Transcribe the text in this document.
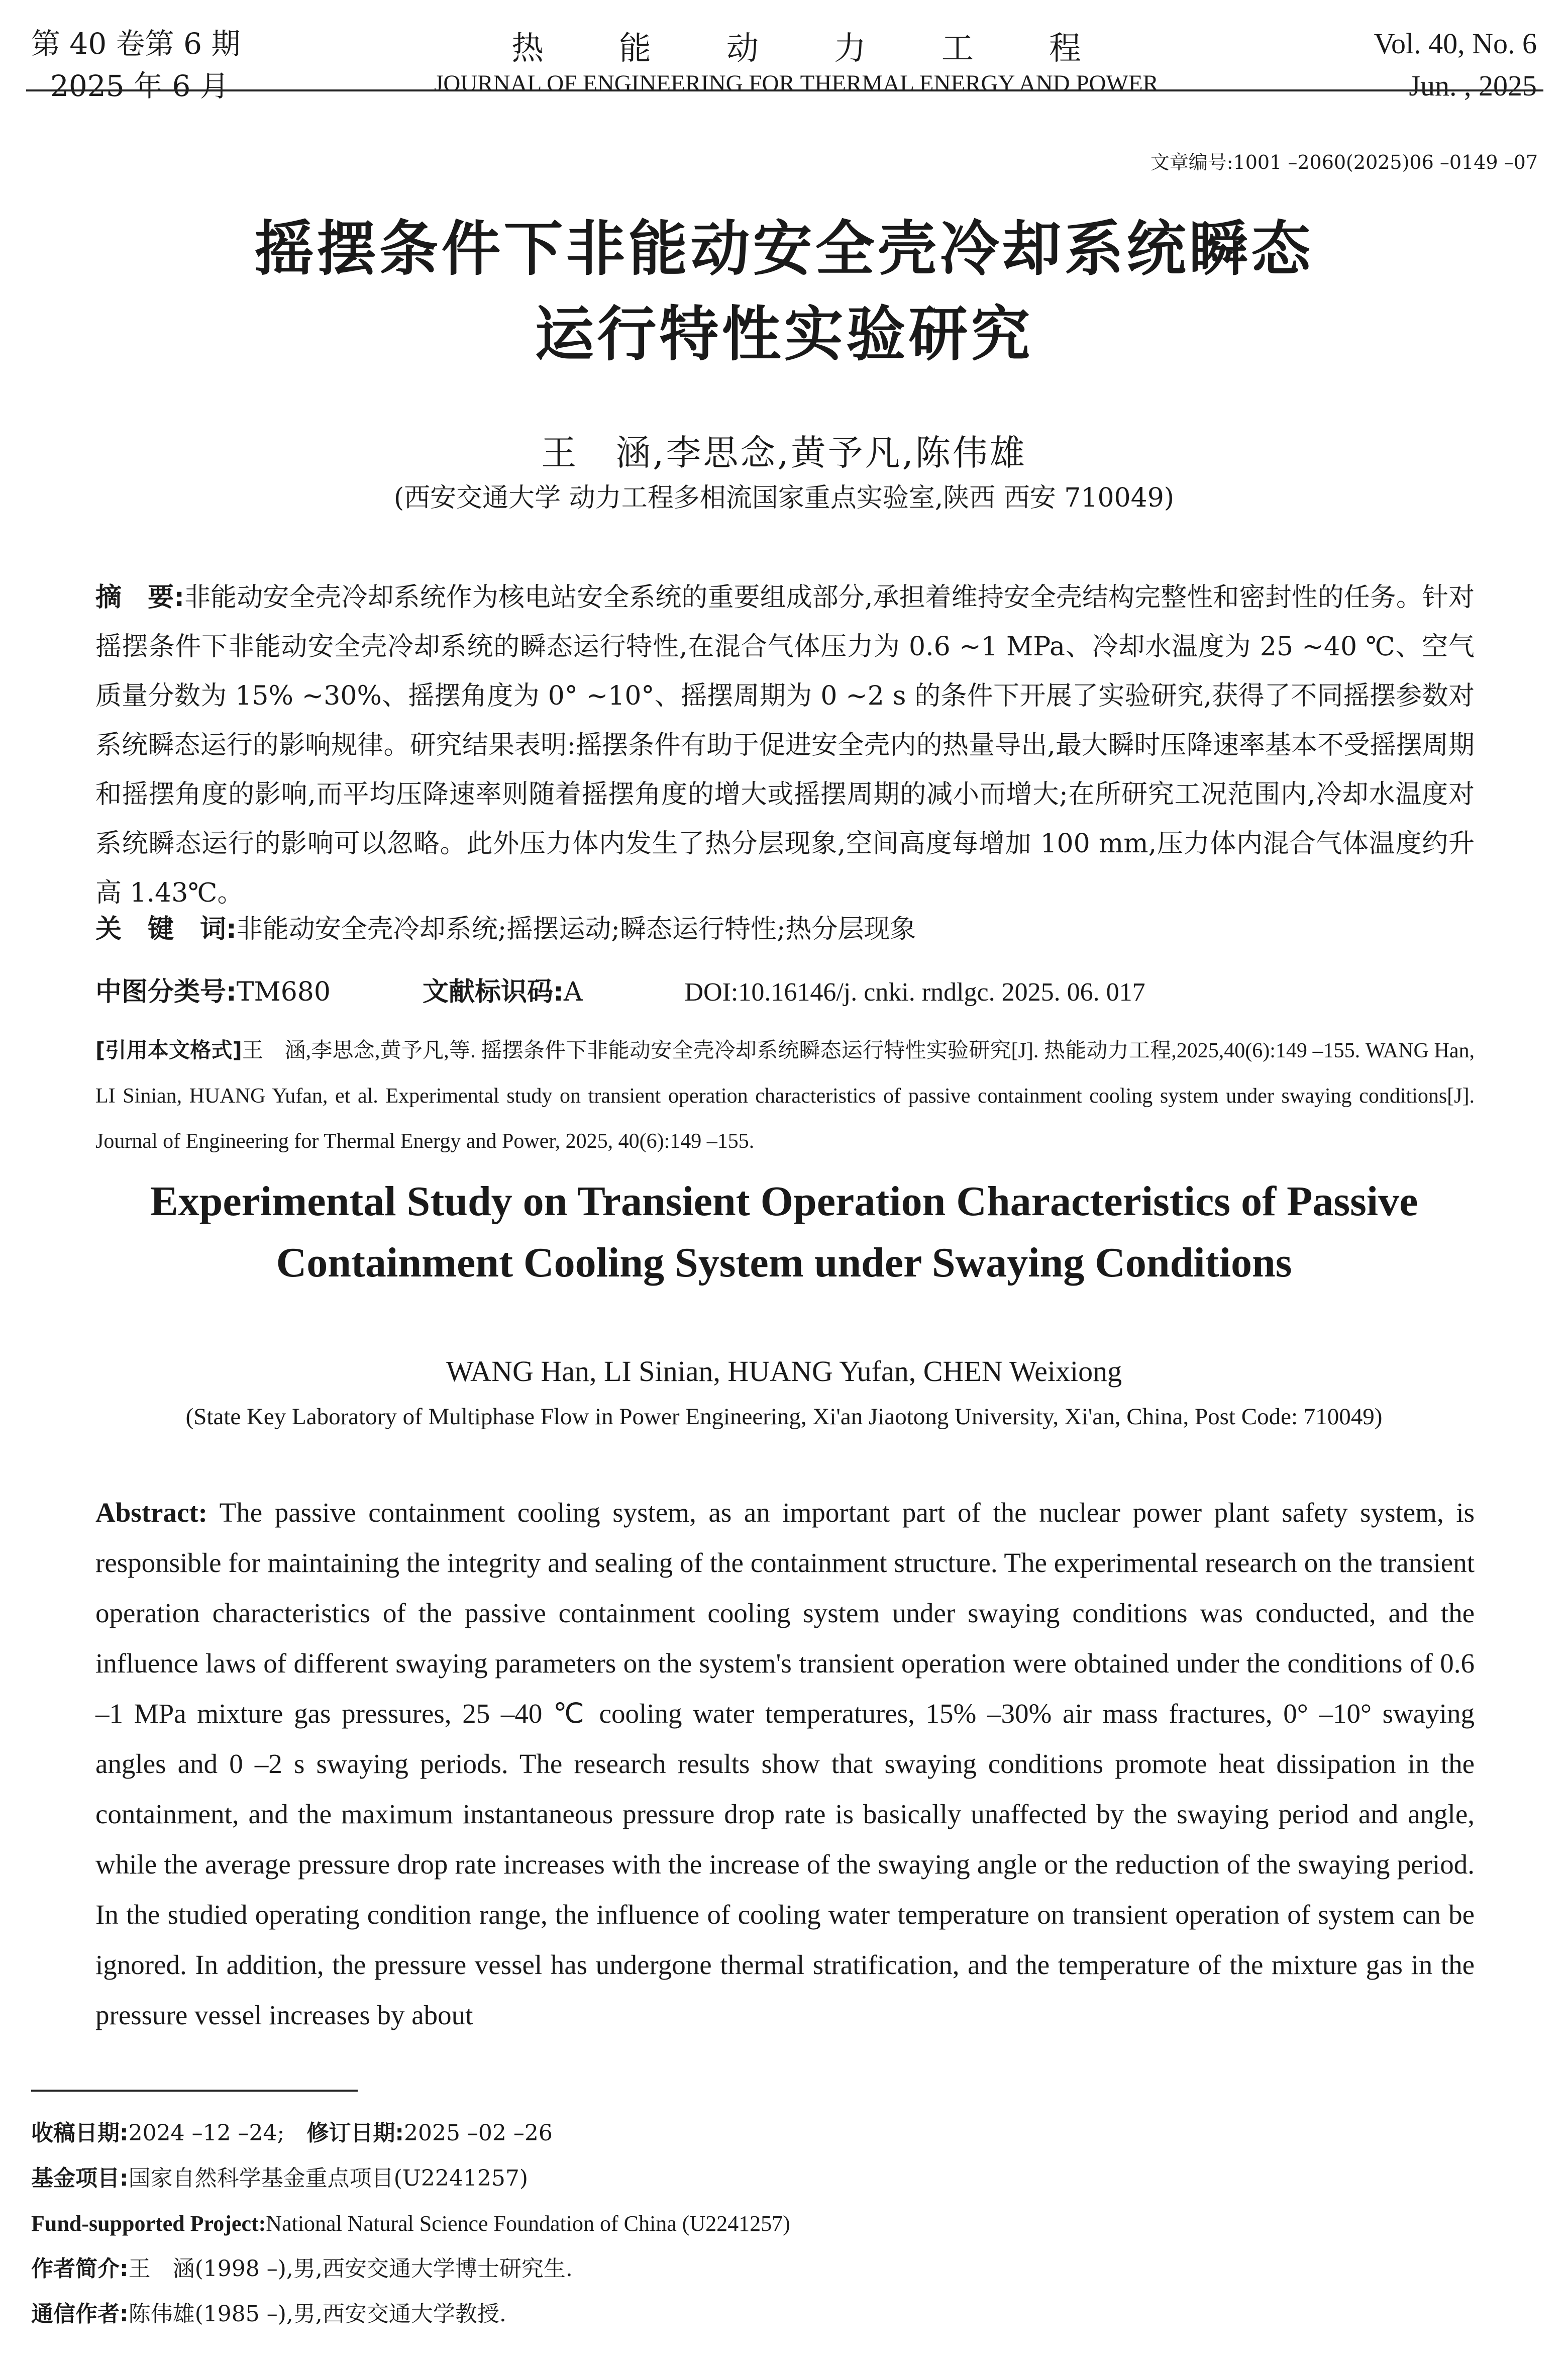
第 40 卷第 6 期
2025 年 6 月
热能动力工程
JOURNAL OF ENGINEERING FOR THERMAL ENERGY AND POWER
Vol. 40, No. 6
Jun. , 2025
文章编号:1001 –2060(2025)06 –0149 –07
摇摆条件下非能动安全壳冷却系统瞬态
运行特性实验研究
王　涵,李思念,黄予凡,陈伟雄
(西安交通大学 动力工程多相流国家重点实验室,陕西 西安 710049)
摘　要:非能动安全壳冷却系统作为核电站安全系统的重要组成部分,承担着维持安全壳结构完整性和密封性的任务。针对摇摆条件下非能动安全壳冷却系统的瞬态运行特性,在混合气体压力为 0.6 ~1 MPa、冷却水温度为 25 ~40 ℃、空气质量分数为 15% ~30%、摇摆角度为 0° ~10°、摇摆周期为 0 ~2 s 的条件下开展了实验研究,获得了不同摇摆参数对系统瞬态运行的影响规律。研究结果表明:摇摆条件有助于促进安全壳内的热量导出,最大瞬时压降速率基本不受摇摆周期和摇摆角度的影响,而平均压降速率则随着摇摆角度的增大或摇摆周期的减小而增大;在所研究工况范围内,冷却水温度对系统瞬态运行的影响可以忽略。此外压力体内发生了热分层现象,空间高度每增加 100 mm,压力体内混合气体温度约升高 1.43℃。
关　键　词:非能动安全壳冷却系统;摇摆运动;瞬态运行特性;热分层现象
中图分类号:TM680	文献标识码:A	DOI:10.16146/j. cnki. rndlgc. 2025. 06. 017
[引用本文格式]王　涵,李思念,黄予凡,等. 摇摆条件下非能动安全壳冷却系统瞬态运行特性实验研究[J]. 热能动力工程,2025,40(6):149 –155. WANG Han, LI Sinian, HUANG Yufan, et al. Experimental study on transient operation characteristics of passive containment cooling system under swaying conditions[J]. Journal of Engineering for Thermal Energy and Power, 2025, 40(6):149 –155.
Experimental Study on Transient Operation Characteristics of Passive
Containment Cooling System under Swaying Conditions
WANG Han, LI Sinian, HUANG Yufan, CHEN Weixiong
(State Key Laboratory of Multiphase Flow in Power Engineering, Xi'an Jiaotong University, Xi'an, China, Post Code: 710049)
Abstract: The passive containment cooling system, as an important part of the nuclear power plant safety system, is responsible for maintaining the integrity and sealing of the containment structure. The experimental research on the transient operation characteristics of the passive containment cooling system under swaying conditions was conducted, and the influence laws of different swaying parameters on the system's transient operation were obtained under the conditions of 0.6 –1 MPa mixture gas pressures, 25 –40 ℃ cooling water temperatures, 15% –30% air mass fractures, 0° –10° swaying angles and 0 –2 s swaying periods. The research results show that swaying conditions promote heat dissipation in the containment, and the maximum instantaneous pressure drop rate is basically unaffected by the swaying period and angle, while the average pressure drop rate increases with the increase of the swaying angle or the reduction of the swaying period. In the studied operating condition range, the influence of cooling water temperature on transient operation of system can be ignored. In addition, the pressure vessel has undergone thermal stratification, and the temperature of the mixture gas in the pressure vessel increases by about
收稿日期:2024 –12 –24;　修订日期:2025 –02 –26
基金项目:国家自然科学基金重点项目(U2241257)
Fund-supported Project:National Natural Science Foundation of China (U2241257)
作者简介:王　涵(1998 –),男,西安交通大学博士研究生.
通信作者:陈伟雄(1985 –),男,西安交通大学教授.
